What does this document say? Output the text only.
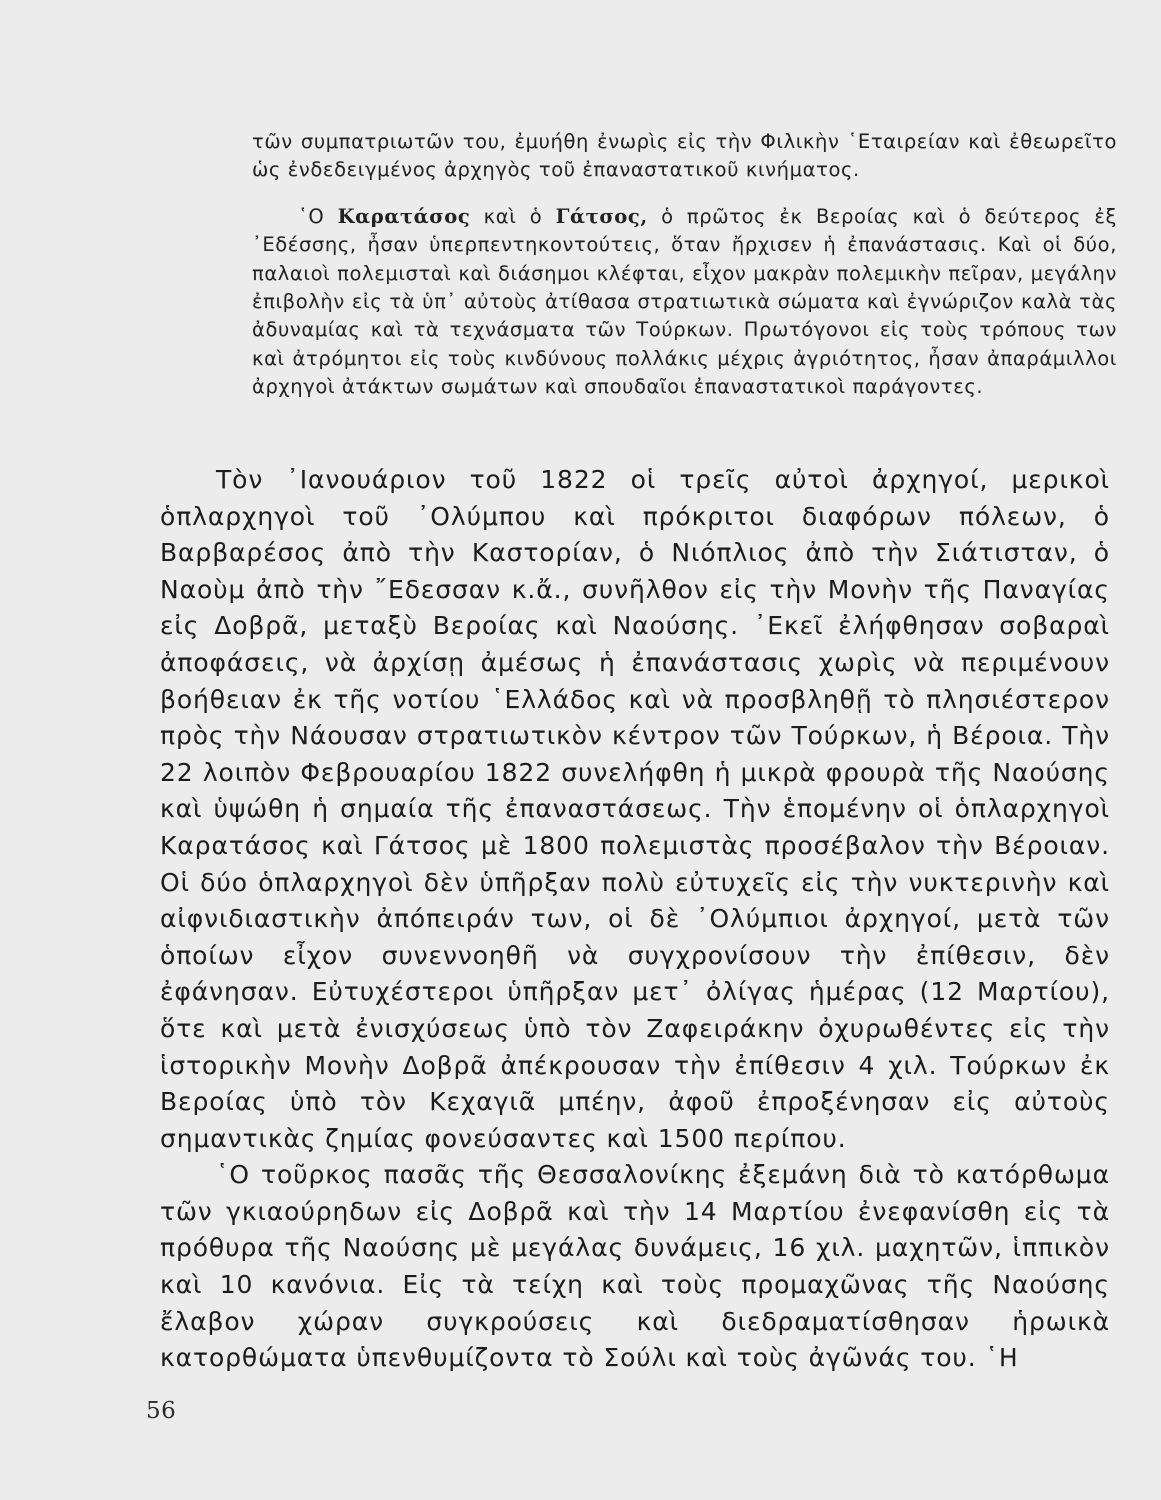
τῶν συμπατριωτῶν του, ἐμυήθη ἐνωρὶς εἰς τὴν Φιλικὴν ῾Εταιρείαν καὶ ἐθεωρεῖτο ὡς ἐνδεδειγμένος ἀρχηγὸς τοῦ ἐπαναστατικοῦ κινήματος.

῾Ο Καρατάσος καὶ ὁ Γάτσος, ὁ πρῶτος ἐκ Βεροίας καὶ ὁ δεύτερος ἐξ ᾿Εδέσσης, ἦσαν ὑπερπεντηκοντούτεις, ὅταν ἤρχισεν ἡ ἐπανάστασις. Καὶ οἱ δύο, παλαιοὶ πολεμισταὶ καὶ διάσημοι κλέφται, εἶχον μακρὰν πολεμικὴν πεῖραν, μεγάλην ἐπιβολὴν εἰς τὰ ὑπ᾿ αὐτοὺς ἀτίθασα στρατιωτικὰ σώματα καὶ ἐγνώριζον καλὰ τὰς ἀδυναμίας καὶ τὰ τεχνάσματα τῶν Τούρκων. Πρωτόγονοι εἰς τοὺς τρόπους των καὶ ἀτρόμητοι εἰς τοὺς κινδύνους πολλάκις μέχρις ἀγριότητος, ἦσαν ἀπαράμιλλοι ἀρχηγοὶ ἀτάκτων σωμάτων καὶ σπουδαῖοι ἐπαναστατικοὶ παράγοντες.

Τὸν ᾿Ιανουάριον τοῦ 1822 οἱ τρεῖς αὐτοὶ ἀρχηγοί, μερικοὶ ὁπλαρχηγοὶ τοῦ ᾿Ολύμπου καὶ πρόκριτοι διαφόρων πόλεων, ὁ Βαρβαρέσος ἀπὸ τὴν Καστορίαν, ὁ Νιόπλιος ἀπὸ τὴν Σιάτισταν, ὁ Ναοὺμ ἀπὸ τὴν ῎Εδεσσαν κ.ἄ., συνῆλθον εἰς τὴν Μονὴν τῆς Παναγίας εἰς Δοβρᾶ, μεταξὺ Βεροίας καὶ Ναούσης. ᾿Εκεῖ ἐλήφθησαν σοβαραὶ ἀποφάσεις, νὰ ἀρχίσῃ ἀμέσως ἡ ἐπανάστασις χωρὶς νὰ περιμένουν βοήθειαν ἐκ τῆς νοτίου ῾Ελλάδος καὶ νὰ προσβληθῇ τὸ πλησιέστερον πρὸς τὴν Νάουσαν στρατιωτικὸν κέντρον τῶν Τούρκων, ἡ Βέροια. Τὴν 22 λοιπὸν Φεβρουαρίου 1822 συνελήφθη ἡ μικρὰ φρουρὰ τῆς Ναούσης καὶ ὑψώθη ἡ σημαία τῆς ἐπαναστάσεως. Τὴν ἑπομένην οἱ ὁπλαρχηγοὶ Καρατάσος καὶ Γάτσος μὲ 1800 πολεμιστὰς προσέβαλον τὴν Βέροιαν. Οἱ δύο ὁπλαρχηγοὶ δὲν ὑπῆρξαν πολὺ εὐτυχεῖς εἰς τὴν νυκτερινὴν καὶ αἰφνιδιαστικὴν ἀπόπειράν των, οἱ δὲ ᾿Ολύμπιοι ἀρχηγοί, μετὰ τῶν ὁποίων εἶχον συνεννοηθῆ νὰ συγχρονίσουν τὴν ἐπίθεσιν, δὲν ἐφάνησαν. Εὐτυχέστεροι ὑπῆρξαν μετ᾿ ὀλίγας ἡμέρας (12 Μαρτίου), ὅτε καὶ μετὰ ἐνισχύσεως ὑπὸ τὸν Ζαφειράκην ὀχυρωθέντες εἰς τὴν ἱστορικὴν Μονὴν Δοβρᾶ ἀπέκρουσαν τὴν ἐπίθεσιν 4 χιλ. Τούρκων ἐκ Βεροίας ὑπὸ τὸν Κεχαγιᾶ μπέην, ἀφοῦ ἐπροξένησαν εἰς αὐτοὺς σημαντικὰς ζημίας φονεύσαντες καὶ 1500 περίπου.

῾Ο τοῦρκος πασᾶς τῆς Θεσσαλονίκης ἐξεμάνη διὰ τὸ κατόρθωμα τῶν γκιαούρηδων εἰς Δοβρᾶ καὶ τὴν 14 Μαρτίου ἐνεφανίσθη εἰς τὰ πρόθυρα τῆς Ναούσης μὲ μεγάλας δυνάμεις, 16 χιλ. μαχητῶν, ἱππικὸν καὶ 10 κανόνια. Εἰς τὰ τείχη καὶ τοὺς προμαχῶνας τῆς Ναούσης ἔλαβον χώραν συγκρούσεις καὶ διεδραματίσθησαν ἡρωικὰ κατορθώματα ὑπενθυμίζοντα τὸ Σούλι καὶ τοὺς ἀγῶνάς του. ῾Η

56
